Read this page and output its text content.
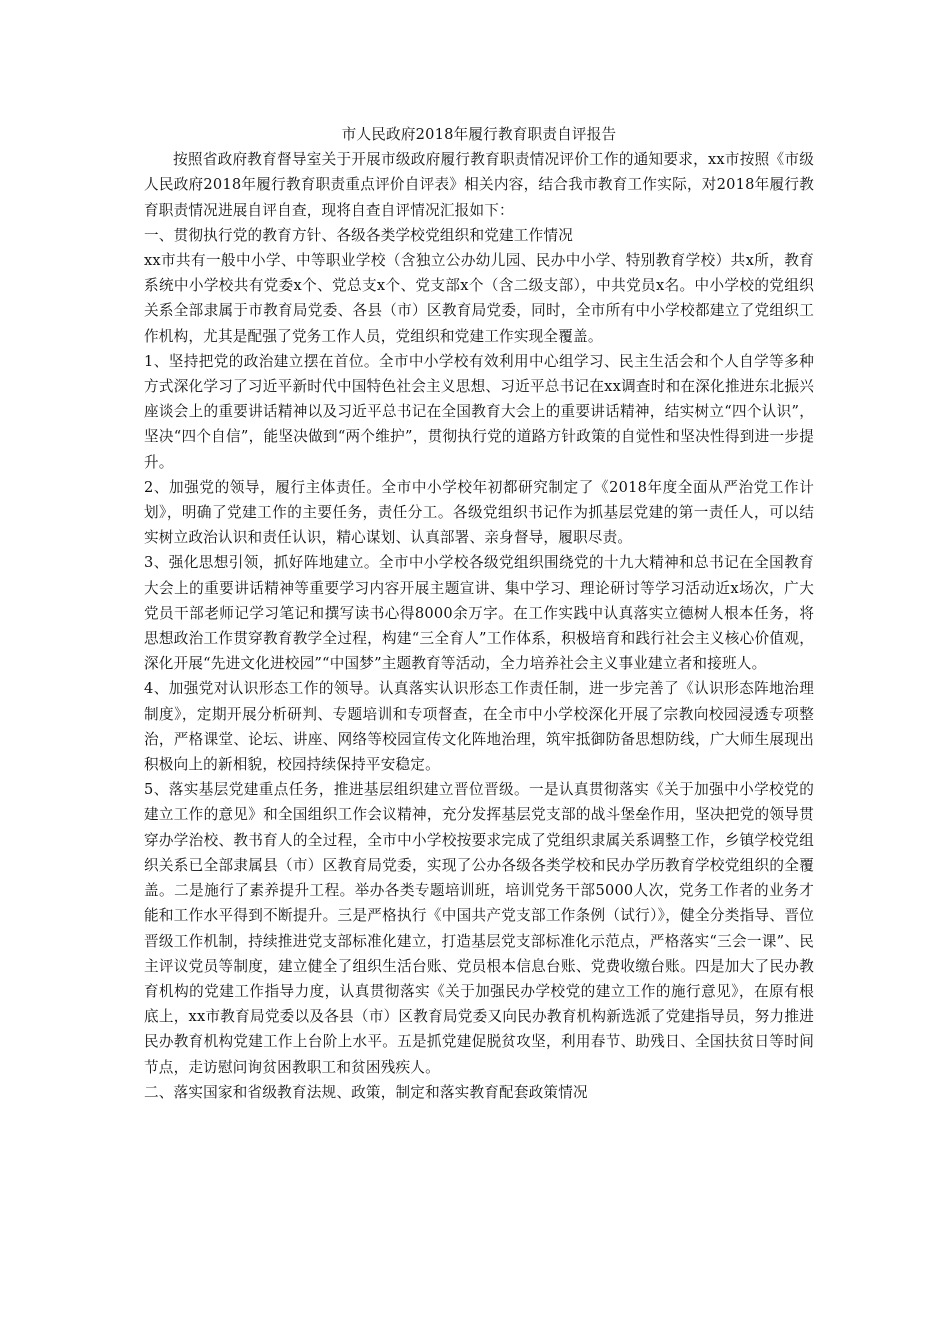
市人民政府2018年履行教育职责自评报告

按照省政府教育督导室关于开展市级政府履行教育职责情况评价工作的通知要求，xx市按照《市级人民政府2018年履行教育职责重点评价自评表》相关内容，结合我市教育工作实际，对2018年履行教育职责情况进展自评自查，现将自查自评情况汇报如下：

一、贯彻执行党的教育方针、各级各类学校党组织和党建工作情况

xx市共有一般中小学、中等职业学校（含独立公办幼儿园、民办中小学、特别教育学校）共x所，教育系统中小学校共有党委x个、党总支x个、党支部x个（含二级支部），中共党员x名。中小学校的党组织关系全部隶属于市教育局党委、各县（市）区教育局党委，同时，全市所有中小学校都建立了党组织工作机构，尤其是配强了党务工作人员，党组织和党建工作实现全覆盖。

1、坚持把党的政治建立摆在首位。全市中小学校有效利用中心组学习、民主生活会和个人自学等多种方式深化学习了习近平新时代中国特色社会主义思想、习近平总书记在xx调查时和在深化推进东北振兴座谈会上的重要讲话精神以及习近平总书记在全国教育大会上的重要讲话精神，结实树立“四个认识”，坚决“四个自信”，能坚决做到“两个维护”，贯彻执行党的道路方针政策的自觉性和坚决性得到进一步提升。

2、加强党的领导，履行主体责任。全市中小学校年初都研究制定了《2018年度全面从严治党工作计划》，明确了党建工作的主要任务，责任分工。各级党组织书记作为抓基层党建的第一责任人，可以结实树立政治认识和责任认识，精心谋划、认真部署、亲身督导，履职尽责。

3、强化思想引领，抓好阵地建立。全市中小学校各级党组织围绕党的十九大精神和总书记在全国教育大会上的重要讲话精神等重要学习内容开展主题宣讲、集中学习、理论研讨等学习活动近x场次，广大党员干部老师记学习笔记和撰写读书心得8000余万字。在工作实践中认真落实立德树人根本任务，将思想政治工作贯穿教育教学全过程，构建“三全育人”工作体系，积极培育和践行社会主义核心价值观，深化开展“先进文化进校园”“中国梦”主题教育等活动，全力培养社会主义事业建立者和接班人。

4、加强党对认识形态工作的领导。认真落实认识形态工作责任制，进一步完善了《认识形态阵地治理制度》，定期开展分析研判、专题培训和专项督查，在全市中小学校深化开展了宗教向校园浸透专项整治，严格课堂、论坛、讲座、网络等校园宣传文化阵地治理，筑牢抵御防备思想防线，广大师生展现出积极向上的新相貌，校园持续保持平安稳定。

5、落实基层党建重点任务，推进基层组织建立晋位晋级。一是认真贯彻落实《关于加强中小学校党的建立工作的意见》和全国组织工作会议精神，充分发挥基层党支部的战斗堡垒作用，坚决把党的领导贯穿办学治校、教书育人的全过程，全市中小学校按要求完成了党组织隶属关系调整工作，乡镇学校党组织关系已全部隶属县（市）区教育局党委，实现了公办各级各类学校和民办学历教育学校党组织的全覆盖。二是施行了素养提升工程。举办各类专题培训班，培训党务干部5000人次，党务工作者的业务才能和工作水平得到不断提升。三是严格执行《中国共产党支部工作条例（试行）》，健全分类指导、晋位晋级工作机制，持续推进党支部标准化建立，打造基层党支部标准化示范点，严格落实“三会一课”、民主评议党员等制度，建立健全了组织生活台账、党员根本信息台账、党费收缴台账。四是加大了民办教育机构的党建工作指导力度，认真贯彻落实《关于加强民办学校党的建立工作的施行意见》，在原有根底上，xx市教育局党委以及各县（市）区教育局党委又向民办教育机构新选派了党建指导员，努力推进民办教育机构党建工作上台阶上水平。五是抓党建促脱贫攻坚，利用春节、助残日、全国扶贫日等时间节点，走访慰问询贫困教职工和贫困残疾人。

二、落实国家和省级教育法规、政策，制定和落实教育配套政策情况
